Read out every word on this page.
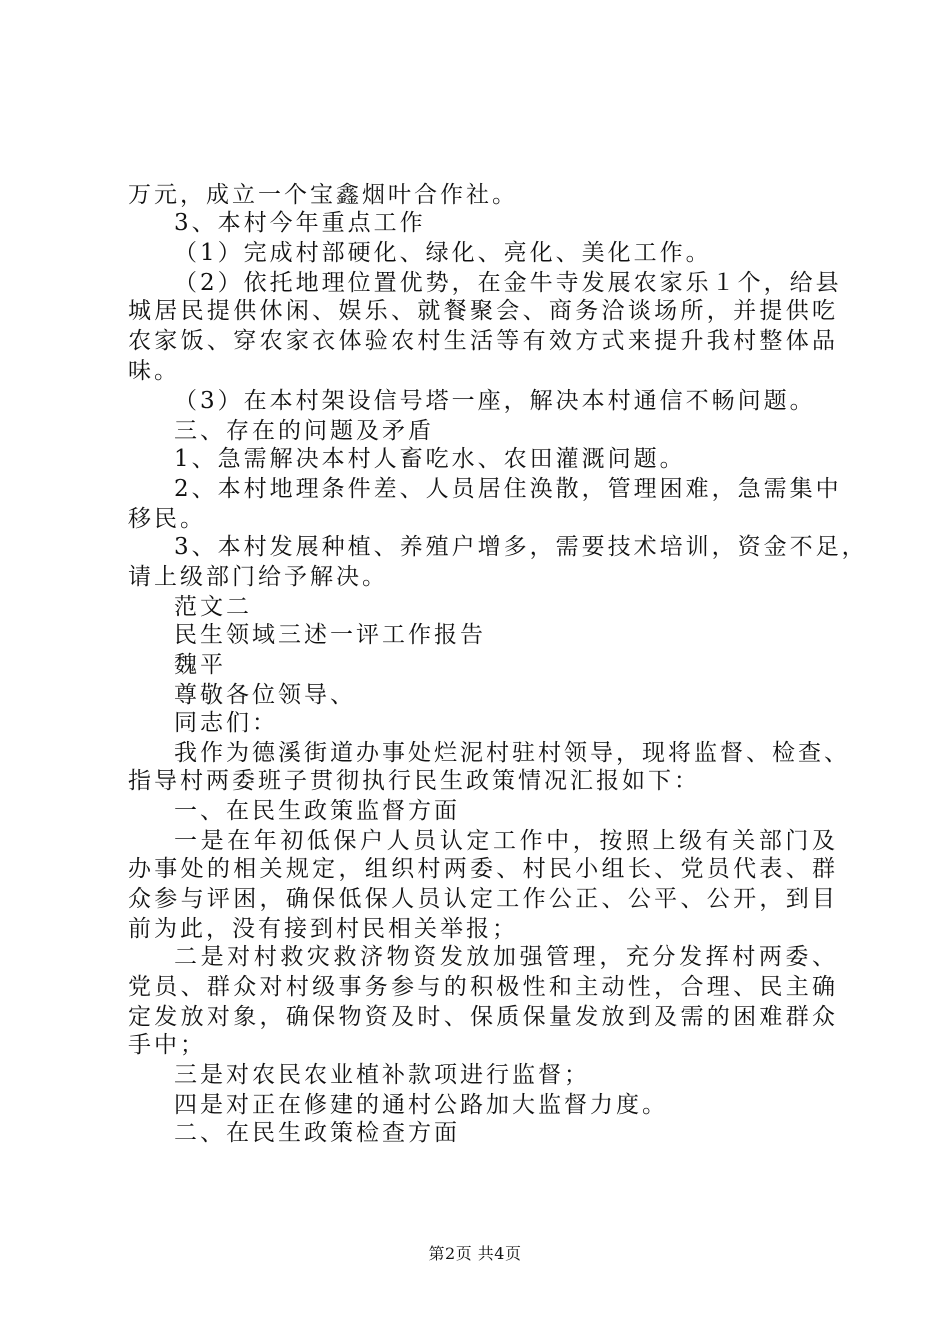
万元，成立一个宝鑫烟叶合作社。
3、本村今年重点工作
（1）完成村部硬化、绿化、亮化、美化工作。
（2）依托地理位置优势，在金牛寺发展农家乐１个，给县
城居民提供休闲、娱乐、就餐聚会、商务洽谈场所，并提供吃
农家饭、穿农家衣体验农村生活等有效方式来提升我村整体品
味。
（3）在本村架设信号塔一座，解决本村通信不畅问题。
三、存在的问题及矛盾
1、急需解决本村人畜吃水、农田灌溉问题。
2、本村地理条件差、人员居住涣散，管理困难，急需集中
移民。
3、本村发展种植、养殖户增多，需要技术培训，资金不足，
请上级部门给予解决。
范文二
民生领域三述一评工作报告
魏平
尊敬各位领导、
同志们：
我作为德溪街道办事处烂泥村驻村领导，现将监督、检查、
指导村两委班子贯彻执行民生政策情况汇报如下：
一、在民生政策监督方面
一是在年初低保户人员认定工作中，按照上级有关部门及
办事处的相关规定，组织村两委、村民小组长、党员代表、群
众参与评困，确保低保人员认定工作公正、公平、公开，到目
前为此，没有接到村民相关举报；
二是对村救灾救济物资发放加强管理，充分发挥村两委、
党员、群众对村级事务参与的积极性和主动性，合理、民主确
定发放对象，确保物资及时、保质保量发放到及需的困难群众
手中；
三是对农民农业植补款项进行监督；
四是对正在修建的通村公路加大监督力度。
二、在民生政策检查方面
第2页 共4页
